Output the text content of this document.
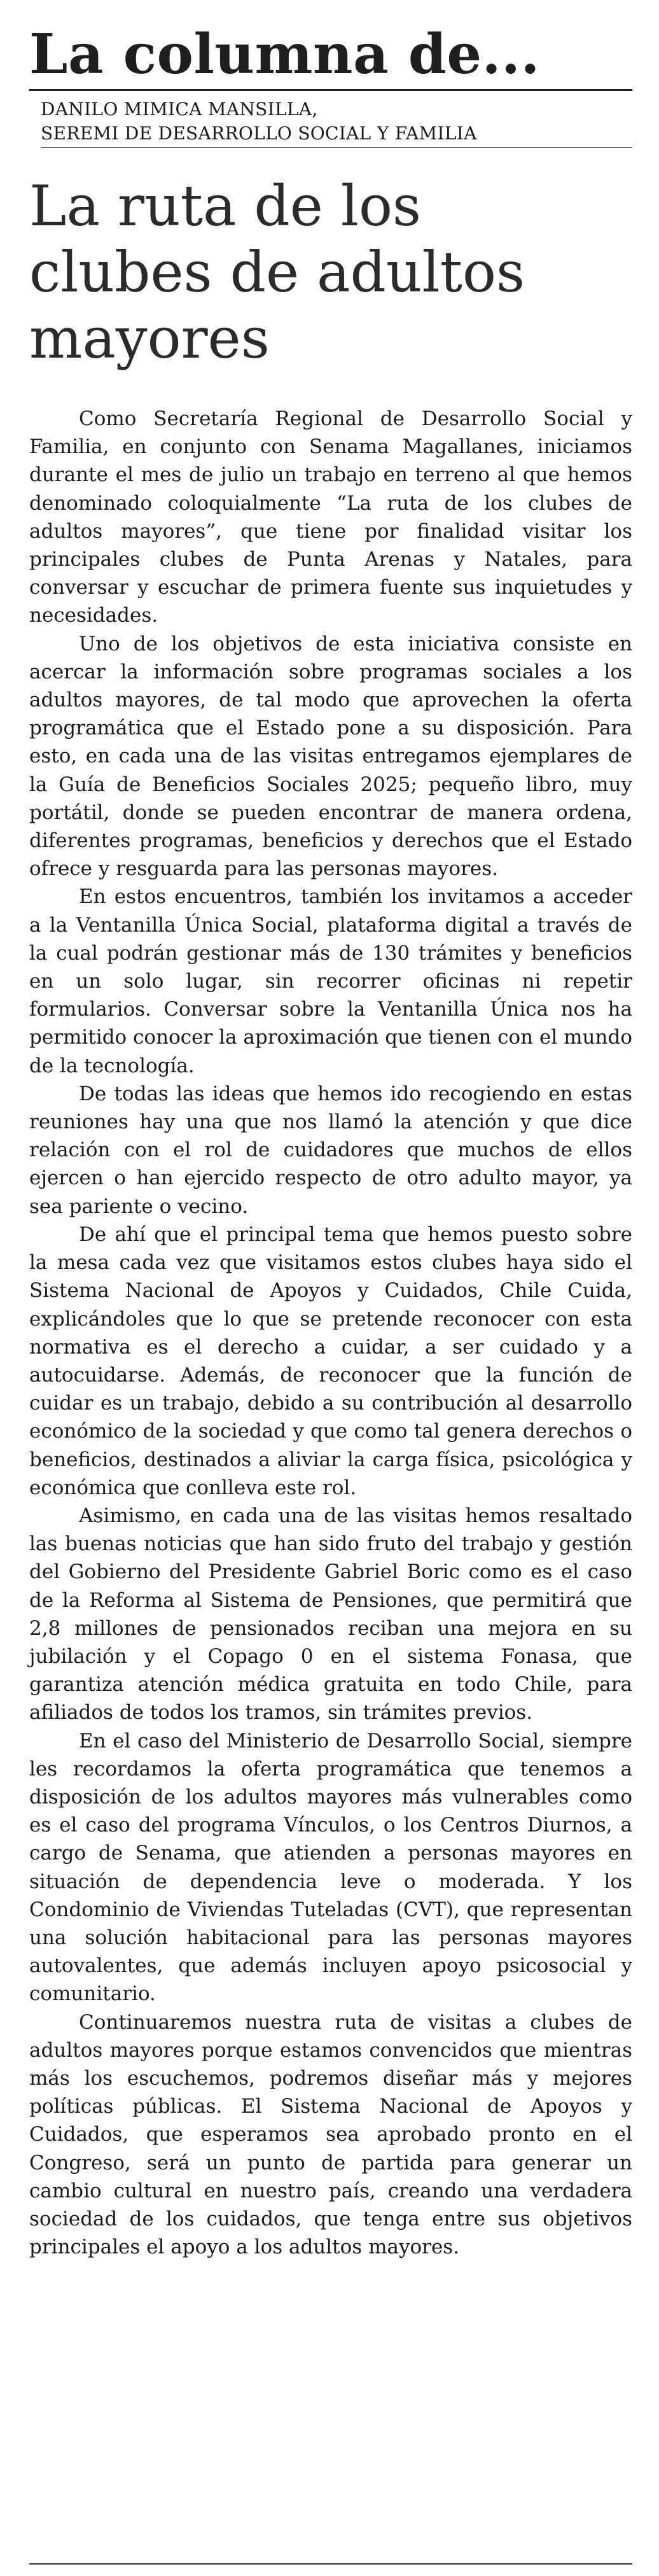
La columna de...
DANILO MIMICA MANSILLA,
SEREMI DE DESARROLLO SOCIAL Y FAMILIA
La ruta de los clubes de adultos mayores

Como Secretaría Regional de Desarrollo Social y Familia, en conjunto con Senama Magallanes, iniciamos durante el mes de julio un trabajo en terreno al que hemos denominado coloquialmente “La ruta de los clubes de adultos mayores”, que tiene por finalidad visitar los principales clubes de Punta Arenas y Natales, para conversar y escuchar de primera fuente sus inquietudes y necesidades.

Uno de los objetivos de esta iniciativa consiste en acercar la información sobre programas sociales a los adultos mayores, de tal modo que aprovechen la oferta programática que el Estado pone a su disposición. Para esto, en cada una de las visitas entregamos ejemplares de la Guía de Beneficios Sociales 2025; pequeño libro, muy portátil, donde se pueden encontrar de manera ordena, diferentes programas, beneficios y derechos que el Estado ofrece y resguarda para las personas mayores.

En estos encuentros, también los invitamos a acceder a la Ventanilla Única Social, plataforma digital a través de la cual podrán gestionar más de 130 trámites y beneficios en un solo lugar, sin recorrer oficinas ni repetir formularios. Conversar sobre la Ventanilla Única nos ha permitido conocer la aproximación que tienen con el mundo de la tecnología.

De todas las ideas que hemos ido recogiendo en estas reuniones hay una que nos llamó la atención y que dice relación con el rol de cuidadores que muchos de ellos ejercen o han ejercido respecto de otro adulto mayor, ya sea pariente o vecino.

De ahí que el principal tema que hemos puesto sobre la mesa cada vez que visitamos estos clubes haya sido el Sistema Nacional de Apoyos y Cuidados, Chile Cuida, explicándoles que lo que se pretende reconocer con esta normativa es el derecho a cuidar, a ser cuidado y a autocuidarse. Además, de reconocer que la función de cuidar es un trabajo, debido a su contribución al desarrollo económico de la sociedad y que como tal genera derechos o beneficios, destinados a aliviar la carga física, psicológica y económica que conlleva este rol.

Asimismo, en cada una de las visitas hemos resaltado las buenas noticias que han sido fruto del trabajo y gestión del Gobierno del Presidente Gabriel Boric como es el caso de la Reforma al Sistema de Pensiones, que permitirá que 2,8 millones de pensionados reciban una mejora en su jubilación y el Copago 0 en el sistema Fonasa, que garantiza atención médica gratuita en todo Chile, para afiliados de todos los tramos, sin trámites previos.

En el caso del Ministerio de Desarrollo Social, siempre les recordamos la oferta programática que tenemos a disposición de los adultos mayores más vulnerables como es el caso del programa Vínculos, o los Centros Diurnos, a cargo de Senama, que atienden a personas mayores en situación de dependencia leve o moderada. Y los Condominio de Viviendas Tuteladas (CVT), que representan una solución habitacional para las personas mayores autovalentes, que además incluyen apoyo psicosocial y comunitario.

Continuaremos nuestra ruta de visitas a clubes de adultos mayores porque estamos convencidos que mientras más los escuchemos, podremos diseñar más y mejores políticas públicas. El Sistema Nacional de Apoyos y Cuidados, que esperamos sea aprobado pronto en el Congreso, será un punto de partida para generar un cambio cultural en nuestro país, creando una verdadera sociedad de los cuidados, que tenga entre sus objetivos principales el apoyo a los adultos mayores.
